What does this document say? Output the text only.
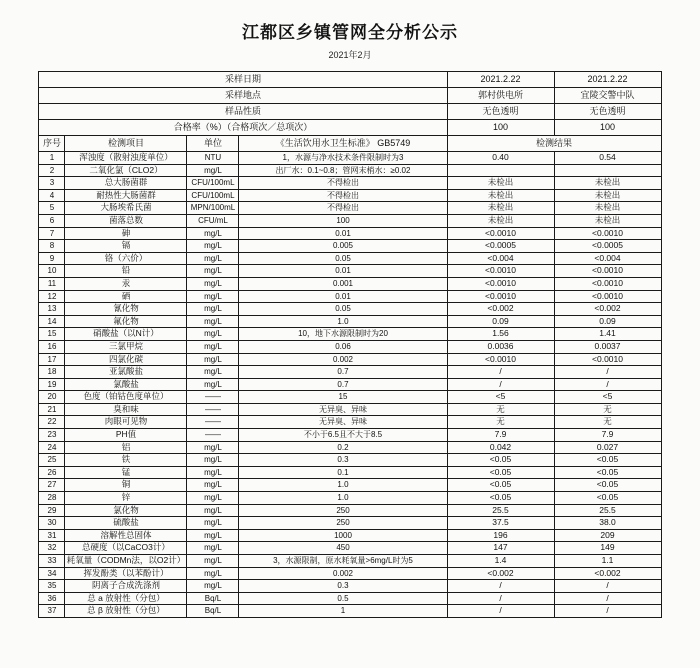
江都区乡镇管网全分析公示
2021年2月
采样日期				2021.2.22	2021.2.22
采样地点				郭村供电所	宜陵交警中队
样品性质				无色透明	无色透明
合格率（%）（合格项次／总项次）				100	100
序号	检测项目	单位	《生活饮用水卫生标准》 GB5749	检测结果	
1	浑浊度（散射浊度单位）	NTU	1，水源与净水技术条件限制时为3	0.40	0.54
2	二氧化氯（CLO2）	mg/L	出厂水：0.1~0.8；管网末梢水：≥0.02		
3	总大肠菌群	CFU/100mL	不得检出	未检出	未检出
4	耐热性大肠菌群	CFU/100mL	不得检出	未检出	未检出
5	大肠埃希氏菌	MPN/100mL	不得检出	未检出	未检出
6	菌落总数	CFU/mL	100	未检出	未检出
7	砷	mg/L	0.01	<0.0010	<0.0010
8	镉	mg/L	0.005	<0.0005	<0.0005
9	铬（六价）	mg/L	0.05	<0.004	<0.004
10	铅	mg/L	0.01	<0.0010	<0.0010
11	汞	mg/L	0.001	<0.0010	<0.0010
12	硒	mg/L	0.01	<0.0010	<0.0010
13	氰化物	mg/L	0.05	<0.002	<0.002
14	氟化物	mg/L	1.0	0.09	0.09
15	硝酸盐（以N计）	mg/L	10，地下水源限制时为20	1.56	1.41
16	三氯甲烷	mg/L	0.06	0.0036	0.0037
17	四氯化碳	mg/L	0.002	<0.0010	<0.0010
18	亚氯酸盐	mg/L	0.7	/	/
19	氯酸盐	mg/L	0.7	/	/
20	色度（铂钴色度单位）	——	15	<5	<5
21	臭和味	——	无异臭、异味	无	无
22	肉眼可见物	——	无异臭、异味	无	无
23	PH值	——	不小于6.5且不大于8.5	7.9	7.9
24	铝	mg/L	0.2	0.042	0.027
25	铁	mg/L	0.3	<0.05	<0.05
26	锰	mg/L	0.1	<0.05	<0.05
27	铜	mg/L	1.0	<0.05	<0.05
28	锌	mg/L	1.0	<0.05	<0.05
29	氯化物	mg/L	250	25.5	25.5
30	硫酸盐	mg/L	250	37.5	38.0
31	溶解性总固体	mg/L	1000	196	209
32	总硬度（以CaCO3计）	mg/L	450	147	149
33	耗氧量（CODMn法，以O2计）	mg/L	3，水源限制，原水耗氧量>6mg/L时为5	1.4	1.1
34	挥发酚类（以苯酚计）	mg/L	0.002	<0.002	<0.002
35	阴离子合成洗涤剂	mg/L	0.3	/	/
36	总 a 放射性（分包）	Bq/L	0.5	/	/
37	总 β 放射性（分包）	Bq/L	1	/	/
